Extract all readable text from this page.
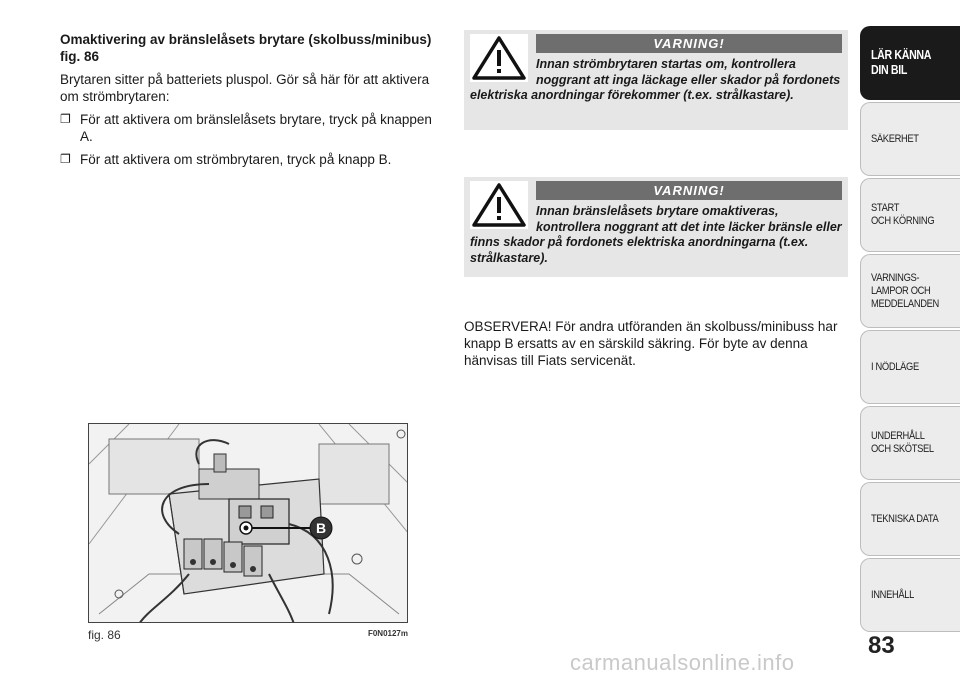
Omaktivering av bränslelåsets brytare (skolbuss/minibus) fig. 86
Brytaren sitter på batteriets pluspol. Gör så här för att aktivera om strömbrytaren:
❐ För att aktivera om bränslelåsets brytare, tryck på knappen A.
❐ För att aktivera om strömbrytaren, tryck på knapp B.
B
fig. 86	F0N0127m
VARNING!
Innan strömbrytaren startas om, kontrollera noggrant att inga läckage eller skador på fordonets elektriska anordningar förekommer (t.ex. strålkastare).
VARNING!
Innan bränslelåsets brytare omaktiveras, kontrollera noggrant att det inte läcker bränsle eller finns skador på fordonets elektriska anordningarna (t.ex. strålkastare).
OBSERVERA! För andra utföranden än skolbuss/minibuss har knapp B ersatts av en särskild säkring. För byte av denna hänvisas till Fiats servicenät.
LÄR KÄNNA
DIN BIL
SÄKERHET
START
OCH KÖRNING
VARNINGS-
LAMPOR OCH
MEDDELANDEN
I NÖDLÄGE
UNDERHÅLL
OCH SKÖTSEL
TEKNISKA DATA
INNEHÅLL
83
carmanualsonline.info
